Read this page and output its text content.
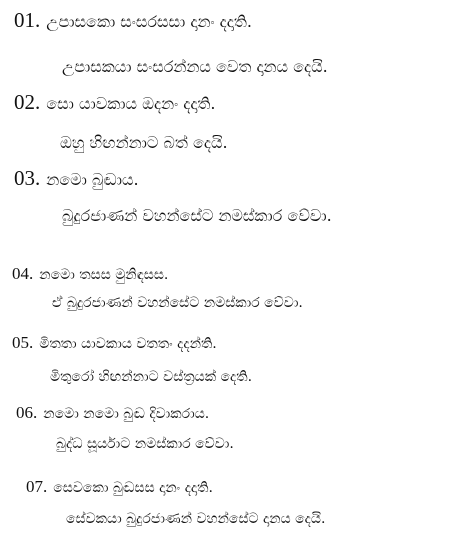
01. උපාසකො සංසරසසා දානං දදාති.
උපාසකයා සංසරන්නය වෙත දානය දෙයි.
02. සො යාවකාය ඔදනං දදාති.
ඔහු හිඟන්නාට බත් දෙයි.
03. නමො බුඬාය.
බුදුරජාණන් වහන්සේට නමස්කාර වේවා.
04. නමො තසස මුනිඳසස.
ඒ බුදුරජාණන් වහන්සේට නමස්කාර වේවා.
05. මිතතා යාවකාය වතතං දදන්ති.
මිතුරෝ හිඟන්නාට වස්ත්‍රයක් දෙති.
06. නමො නමො බුඬ දිවාකරාය.
බුද්ධ සූර්යාට නමස්කාර වේවා.
07. සෙවකො බුඬසස දානං දදාති.
සේවකයා බුදුරජාණන් වහන්සේට දානය දෙයි.
